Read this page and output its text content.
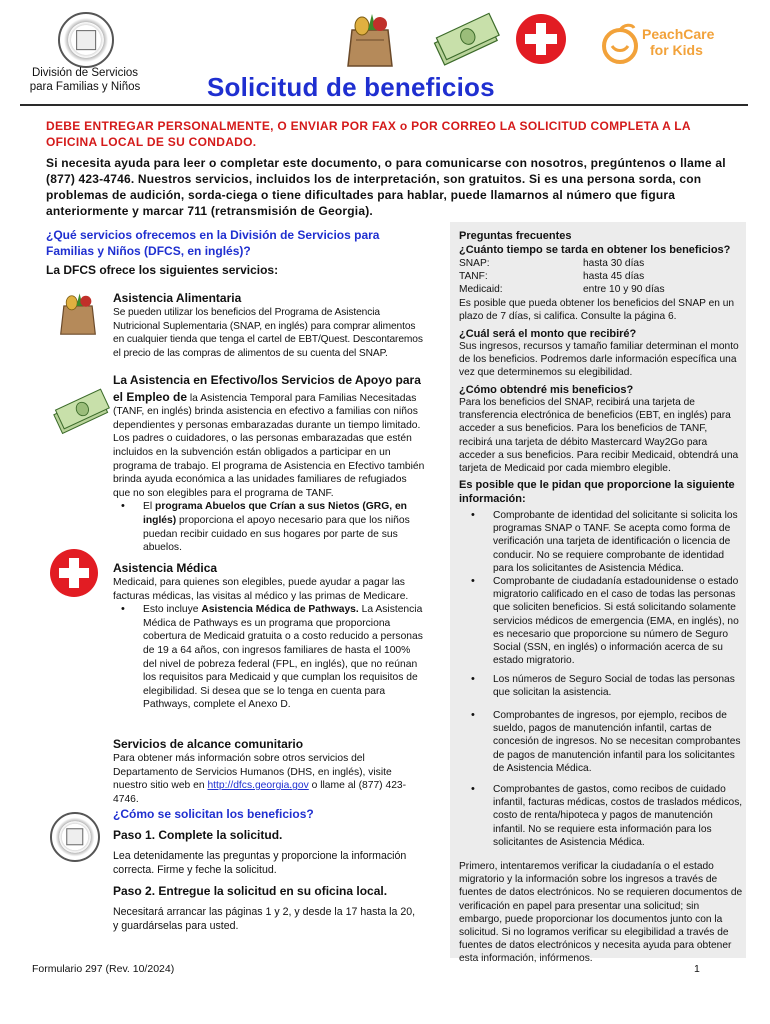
División de Servicios
para Familias y Niños	Solicitud de beneficios
PeachCare
for Kids
DEBE ENTREGAR PERSONALMENTE, O ENVIAR POR FAX o POR CORREO LA SOLICITUD COMPLETA A LA OFICINA LOCAL DE SU CONDADO.
Si necesita ayuda para leer o completar este documento, o para comunicarse con nosotros, pregúntenos o llame al (877) 423-4746. Nuestros servicios, incluidos los de interpretación, son gratuitos. Si es una persona sorda, con problemas de audición, sorda-ciega o tiene dificultades para hablar, puede llamarnos al número que figura anteriormente y marcar 711 (retransmisión de Georgia).
¿Qué servicios ofrecemos en la División de Servicios para Familias y Niños (DFCS, en inglés)?
La DFCS ofrece los siguientes servicios:
Asistencia Alimentaria
Se pueden utilizar los beneficios del Programa de Asistencia Nutricional Suplementaria (SNAP, en inglés) para comprar alimentos en cualquier tienda que tenga el cartel de EBT/Quest. Descontaremos el precio de las compras de alimentos de su cuenta del SNAP.
La Asistencia en Efectivo/los Servicios de Apoyo para el Empleo de la Asistencia Temporal para Familias Necesitadas (TANF, en inglés) brinda asistencia en efectivo a familias con niños dependientes y personas embarazadas durante un tiempo limitado. Los padres o cuidadores, o las personas embarazadas que estén incluidos en la subvención están obligados a participar en un programa de trabajo. El programa de Asistencia en Efectivo también brinda ayuda económica a las unidades familiares de refugiados que no son elegibles para el programa de TANF.
•	El programa Abuelos que Crían a sus Nietos (GRG, en inglés) proporciona el apoyo necesario para que los niños puedan recibir cuidado en sus hogares por parte de sus abuelos.
Asistencia Médica
Medicaid, para quienes son elegibles, puede ayudar a pagar las facturas médicas, las visitas al médico y las primas de Medicare.
•	Esto incluye Asistencia Médica de Pathways. La Asistencia Médica de Pathways es un programa que proporciona cobertura de Medicaid gratuita o a costo reducido a personas de 19 a 64 años, con ingresos familiares de hasta el 100% del nivel de pobreza federal (FPL, en inglés), que no reúnan los requisitos para Medicaid y que cumplan los requisitos de elegibilidad. Si desea que se lo tenga en cuenta para Pathways, complete el Anexo D.
Servicios de alcance comunitario
Para obtener más información sobre otros servicios del Departamento de Servicios Humanos (DHS, en inglés), visite nuestro sitio web en http://dfcs.georgia.gov o llame al (877) 423-4746.
¿Cómo se solicitan los beneficios?
Paso 1. Complete la solicitud.
Lea detenidamente las preguntas y proporcione la información correcta. Firme y feche la solicitud.
Paso 2. Entregue la solicitud en su oficina local.
Necesitará arrancar las páginas 1 y 2, y desde la 17 hasta la 20, y guardárselas para usted.
Preguntas frecuentes
¿Cuánto tiempo se tarda en obtener los beneficios?
SNAP:	hasta 30 días
TANF:	hasta 45 días
Medicaid:	entre 10 y 90 días
Es posible que pueda obtener los beneficios del SNAP en un plazo de 7 días, si califica. Consulte la página 6.
¿Cuál será el monto que recibiré?
Sus ingresos, recursos y tamaño familiar determinan el monto de los beneficios. Podremos darle información específica una vez que determinemos su elegibilidad.
¿Cómo obtendré mis beneficios?
Para los beneficios del SNAP, recibirá una tarjeta de transferencia electrónica de beneficios (EBT, en inglés) para acceder a sus beneficios. Para los beneficios de TANF, recibirá una tarjeta de débito Mastercard Way2Go para acceder a sus beneficios. Para recibir Medicaid, obtendrá una tarjeta de Medicaid por cada miembro elegible.
Es posible que le pidan que proporcione la siguiente información:
•	Comprobante de identidad del solicitante si solicita los programas SNAP o TANF. Se acepta como forma de verificación una tarjeta de identificación o licencia de conducir. No se requiere comprobante de identidad para los solicitantes de Asistencia Médica.
•	Comprobante de ciudadanía estadounidense o estado migratorio calificado en el caso de todas las personas que soliciten beneficios. Si está solicitando solamente servicios médicos de emergencia (EMA, en inglés), no es necesario que proporcione su número de Seguro Social (SSN, en inglés) o información acerca de su estado migratorio.
•	Los números de Seguro Social de todas las personas que solicitan la asistencia.
•	Comprobantes de ingresos, por ejemplo, recibos de sueldo, pagos de manutención infantil, cartas de concesión de ingresos. No se necesitan comprobantes de pagos de manutención infantil para los solicitantes de Asistencia Médica.
•	Comprobantes de gastos, como recibos de cuidado infantil, facturas médicas, costos de traslados médicos, costo de renta/hipoteca y pagos de manutención infantil. No se requiere esta información para los solicitantes de Asistencia Médica.
Primero, intentaremos verificar la ciudadanía o el estado migratorio y la información sobre los ingresos a través de fuentes de datos electrónicos. No se requieren documentos de verificación en papel para presentar una solicitud; sin embargo, puede proporcionar los documentos junto con la solicitud. Si no logramos verificar su elegibilidad a través de fuentes de datos electrónicos y necesita ayuda para obtener esta información, infórmenos.
Formulario 297 (Rev. 10/2024)	1
